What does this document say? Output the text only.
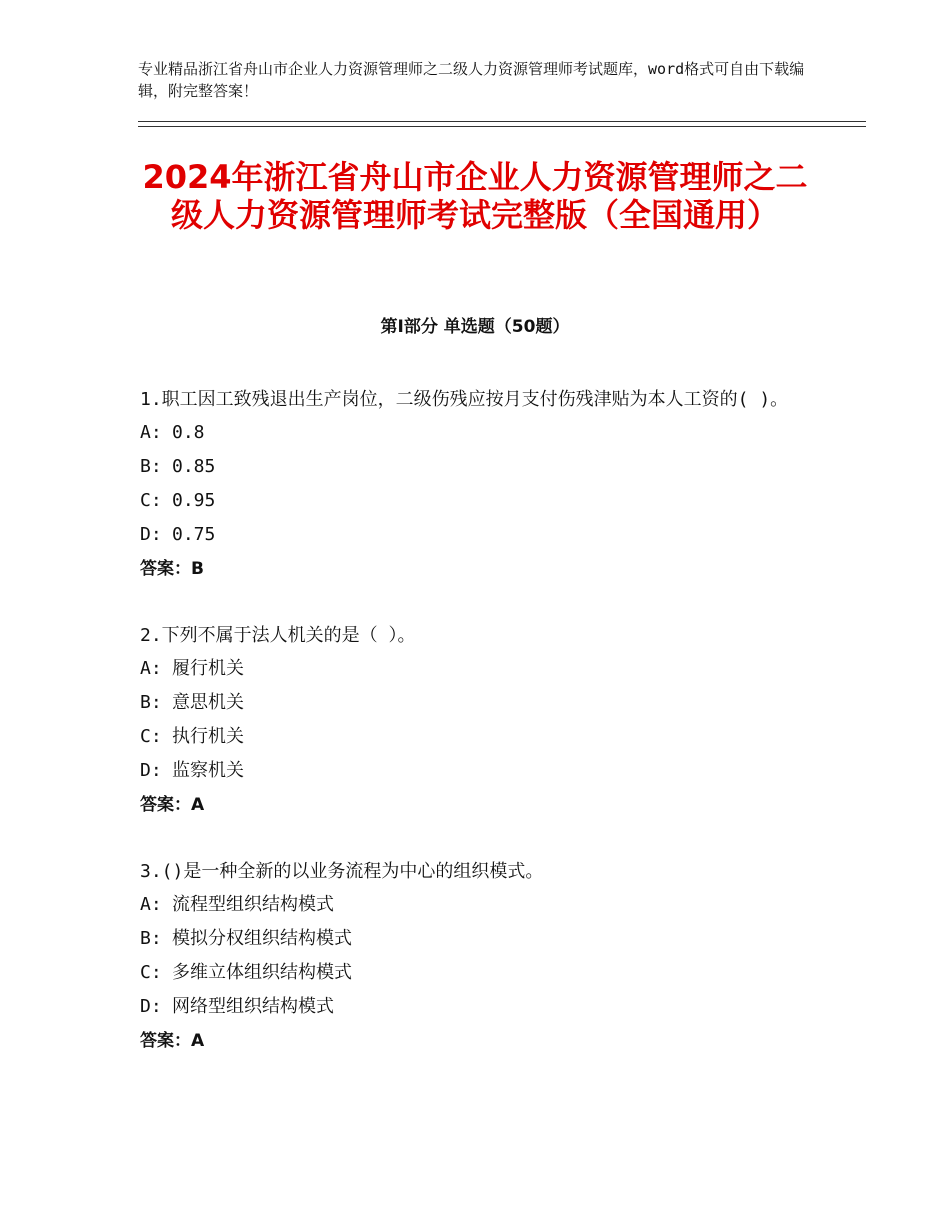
专业精品浙江省舟山市企业人力资源管理师之二级人力资源管理师考试题库，word格式可自由下载编辑，附完整答案！
2024年浙江省舟山市企业人力资源管理师之二级人力资源管理师考试完整版（全国通用）
第Ⅰ部分 单选题（50题）
1.职工因工致残退出生产岗位，二级伤残应按月支付伤残津贴为本人工资的( )。
A: 0.8
B: 0.85
C: 0.95
D: 0.75
答案：B
2.下列不属于法人机关的是（ ）。
A: 履行机关
B: 意思机关
C: 执行机关
D: 监察机关
答案：A
3.()是一种全新的以业务流程为中心的组织模式。
A: 流程型组织结构模式
B: 模拟分权组织结构模式
C: 多维立体组织结构模式
D: 网络型组织结构模式
答案：A
